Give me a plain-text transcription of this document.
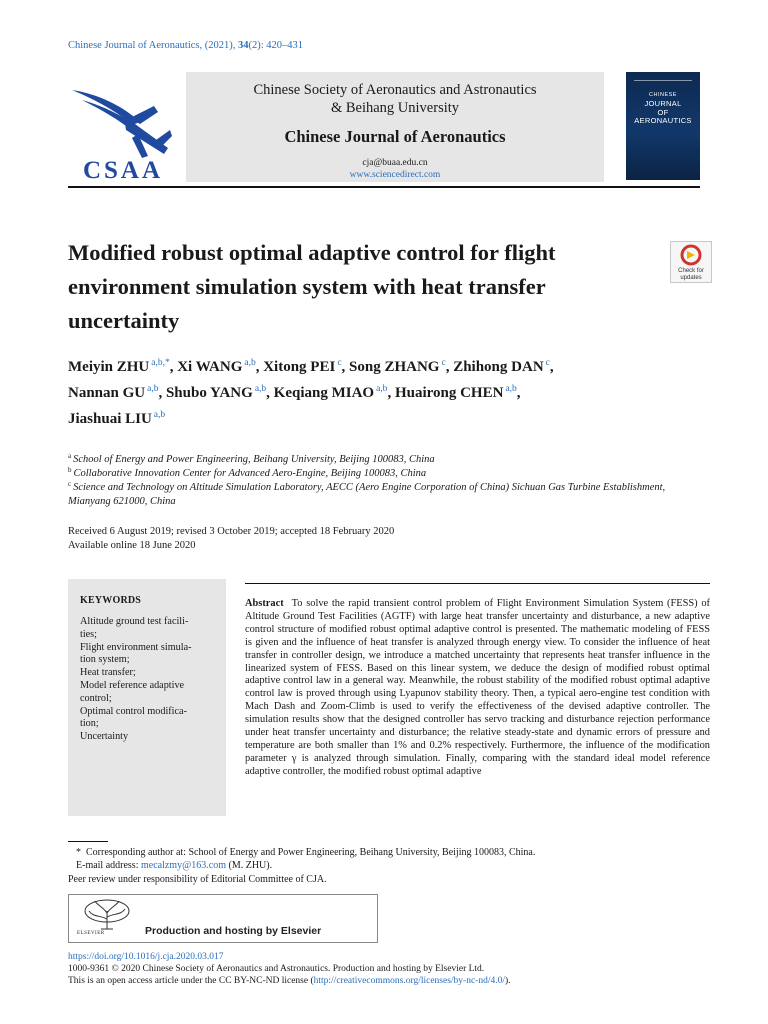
Chinese Journal of Aeronautics, (2021), 34(2): 420–431
CSAA
Chinese Society of Aeronautics and Astronautics
& Beihang University
Chinese Journal of Aeronautics
cja@buaa.edu.cn
www.sciencedirect.com
CHINESE
JOURNAL
OF
AERONAUTICS
Modified robust optimal adaptive control for flight environment simulation system with heat transfer uncertainty
Check for
updates
Meiyin ZHU $^{a,b,*}$, Xi WANG $^{a,b}$, Xitong PEI $^c$, Song ZHANG $^c$, Zhihong DAN $^c$,
Nannan GU $^{a,b}$, Shubo YANG $^{a,b}$, Keqiang MIAO $^{a,b}$, Huairong CHEN $^{a,b}$,
Jiashuai LIU $^{a,b}$
$^a$ School of Energy and Power Engineering, Beihang University, Beijing 100083, China
$^b$ Collaborative Innovation Center for Advanced Aero-Engine, Beijing 100083, China
$^c$ Science and Technology on Altitude Simulation Laboratory, AECC (Aero Engine Corporation of China) Sichuan Gas Turbine Establishment, Mianyang 621000, China
Received 6 August 2019; revised 3 October 2019; accepted 18 February 2020
Available online 18 June 2020
KEYWORDS
Altitude ground test facili-
ties;
Flight environment simula-
tion system;
Heat transfer;
Model reference adaptive
control;
Optimal control modifica-
tion;
Uncertainty
Abstract To solve the rapid transient control problem of Flight Environment Simulation System (FESS) of Altitude Ground Test Facilities (AGTF) with large heat transfer uncertainty and disturbance, a new adaptive control structure of modified robust optimal adaptive control is presented. The mathematic modeling of FESS is given and the influence of heat transfer is analyzed through energy view. To consider the influence of heat transfer in controller design, we introduce a matched uncertainty that represents heat transfer influence in the linearized system of FESS. Based on this linear system, we deduce the design of modified robust optimal adaptive control law in a general way. Meanwhile, the robust stability of the modified robust optimal adaptive control law is proved through using Lyapunov stability theory. Then, a typical aero-engine test condition with Mach Dash and Zoom-Climb is used to verify the effectiveness of the devised adaptive controller. The simulation results show that the designed controller has servo tracking and disturbance rejection performance under heat transfer uncertainty and disturbance; the relative steady-state and dynamic errors of pressure and temperature are both smaller than 1% and 0.2% respectively. Furthermore, the influence of the modification parameter γ is analyzed through simulation. Finally, comparing with the standard ideal model reference adaptive controller, the modified robust optimal adaptive
* Corresponding author at: School of Energy and Power Engineering, Beihang University, Beijing 100083, China.
E-mail address: mecalzmy@163.com (M. ZHU).
Peer review under responsibility of Editorial Committee of CJA.
ELSEVIER	Production and hosting by Elsevier
https://doi.org/10.1016/j.cja.2020.03.017
1000-9361 © 2020 Chinese Society of Aeronautics and Astronautics. Production and hosting by Elsevier Ltd.
This is an open access article under the CC BY-NC-ND license (http://creativecommons.org/licenses/by-nc-nd/4.0/).
